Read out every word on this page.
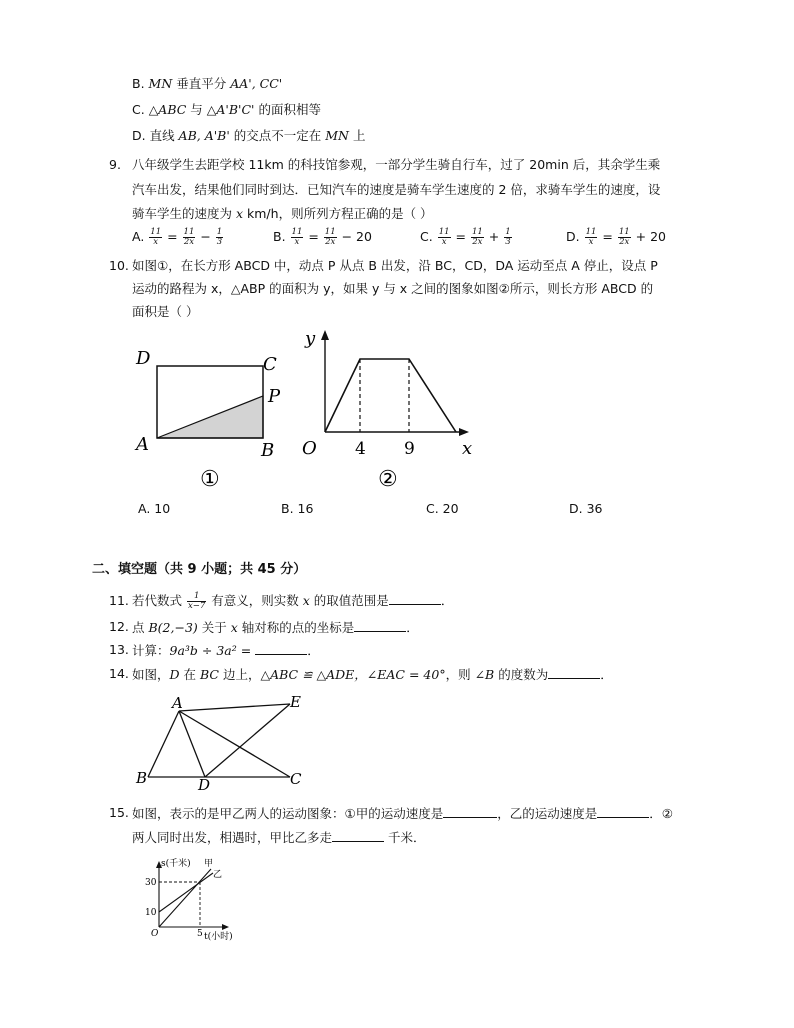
B. MN 垂直平分 AA', CC'
C. △ABC 与 △A'B'C' 的面积相等
D. 直线 AB, A'B' 的交点不一定在 MN 上
9. 八年级学生去距学校 11km 的科技馆参观，一部分学生骑自行车，过了 20min 后，其余学生乘
汽车出发，结果他们同时到达．已知汽车的速度是骑车学生速度的 2 倍，求骑车学生的速度，设
骑车学生的速度为 x km/h，则所列方程正确的是（ ）
A. $\frac{11}{x} = \frac{11}{2x} - \frac{1}{3}$	B. $\frac{11}{x} = \frac{11}{2x} - 20$	C. $\frac{11}{x} = \frac{11}{2x} + \frac{1}{3}$	D. $\frac{11}{x} = \frac{11}{2x} + 20$
10. 如图①，在长方形 ABCD 中，动点 P 从点 B 出发，沿 BC，CD，DA 运动至点 A 停止，设点 P
运动的路程为 x，△ABP 的面积为 y，如果 y 与 x 之间的图象如图②所示，则长方形 ABCD 的
面积是（ ）
D	C
P
A	B
①
y
x
O 4 9
②
A. 10	B. 16	C. 20	D. 36
二、填空题（共 9 小题；共 45 分）
11. 若代数式 $\frac{1}{x-7}$ 有意义，则实数 x 的取值范围是	．
12. 点 B(2,−3) 关于 x 轴对称的点的坐标是	．
13. 计算：9a³b ÷ 3a² =	．
14. 如图，D 在 BC 边上，△ABC ≌ △ADE，∠EAC = 40°，则 ∠B 的度数为	．
A	E
B	D	C
15. 如图，表示的是甲乙两人的运动图象：①甲的运动速度是	，乙的运动速度是	．②
两人同时出发，相遇时，甲比乙多走	千米．
s(千米) 甲
乙
30
10
O	5 t(小时)
